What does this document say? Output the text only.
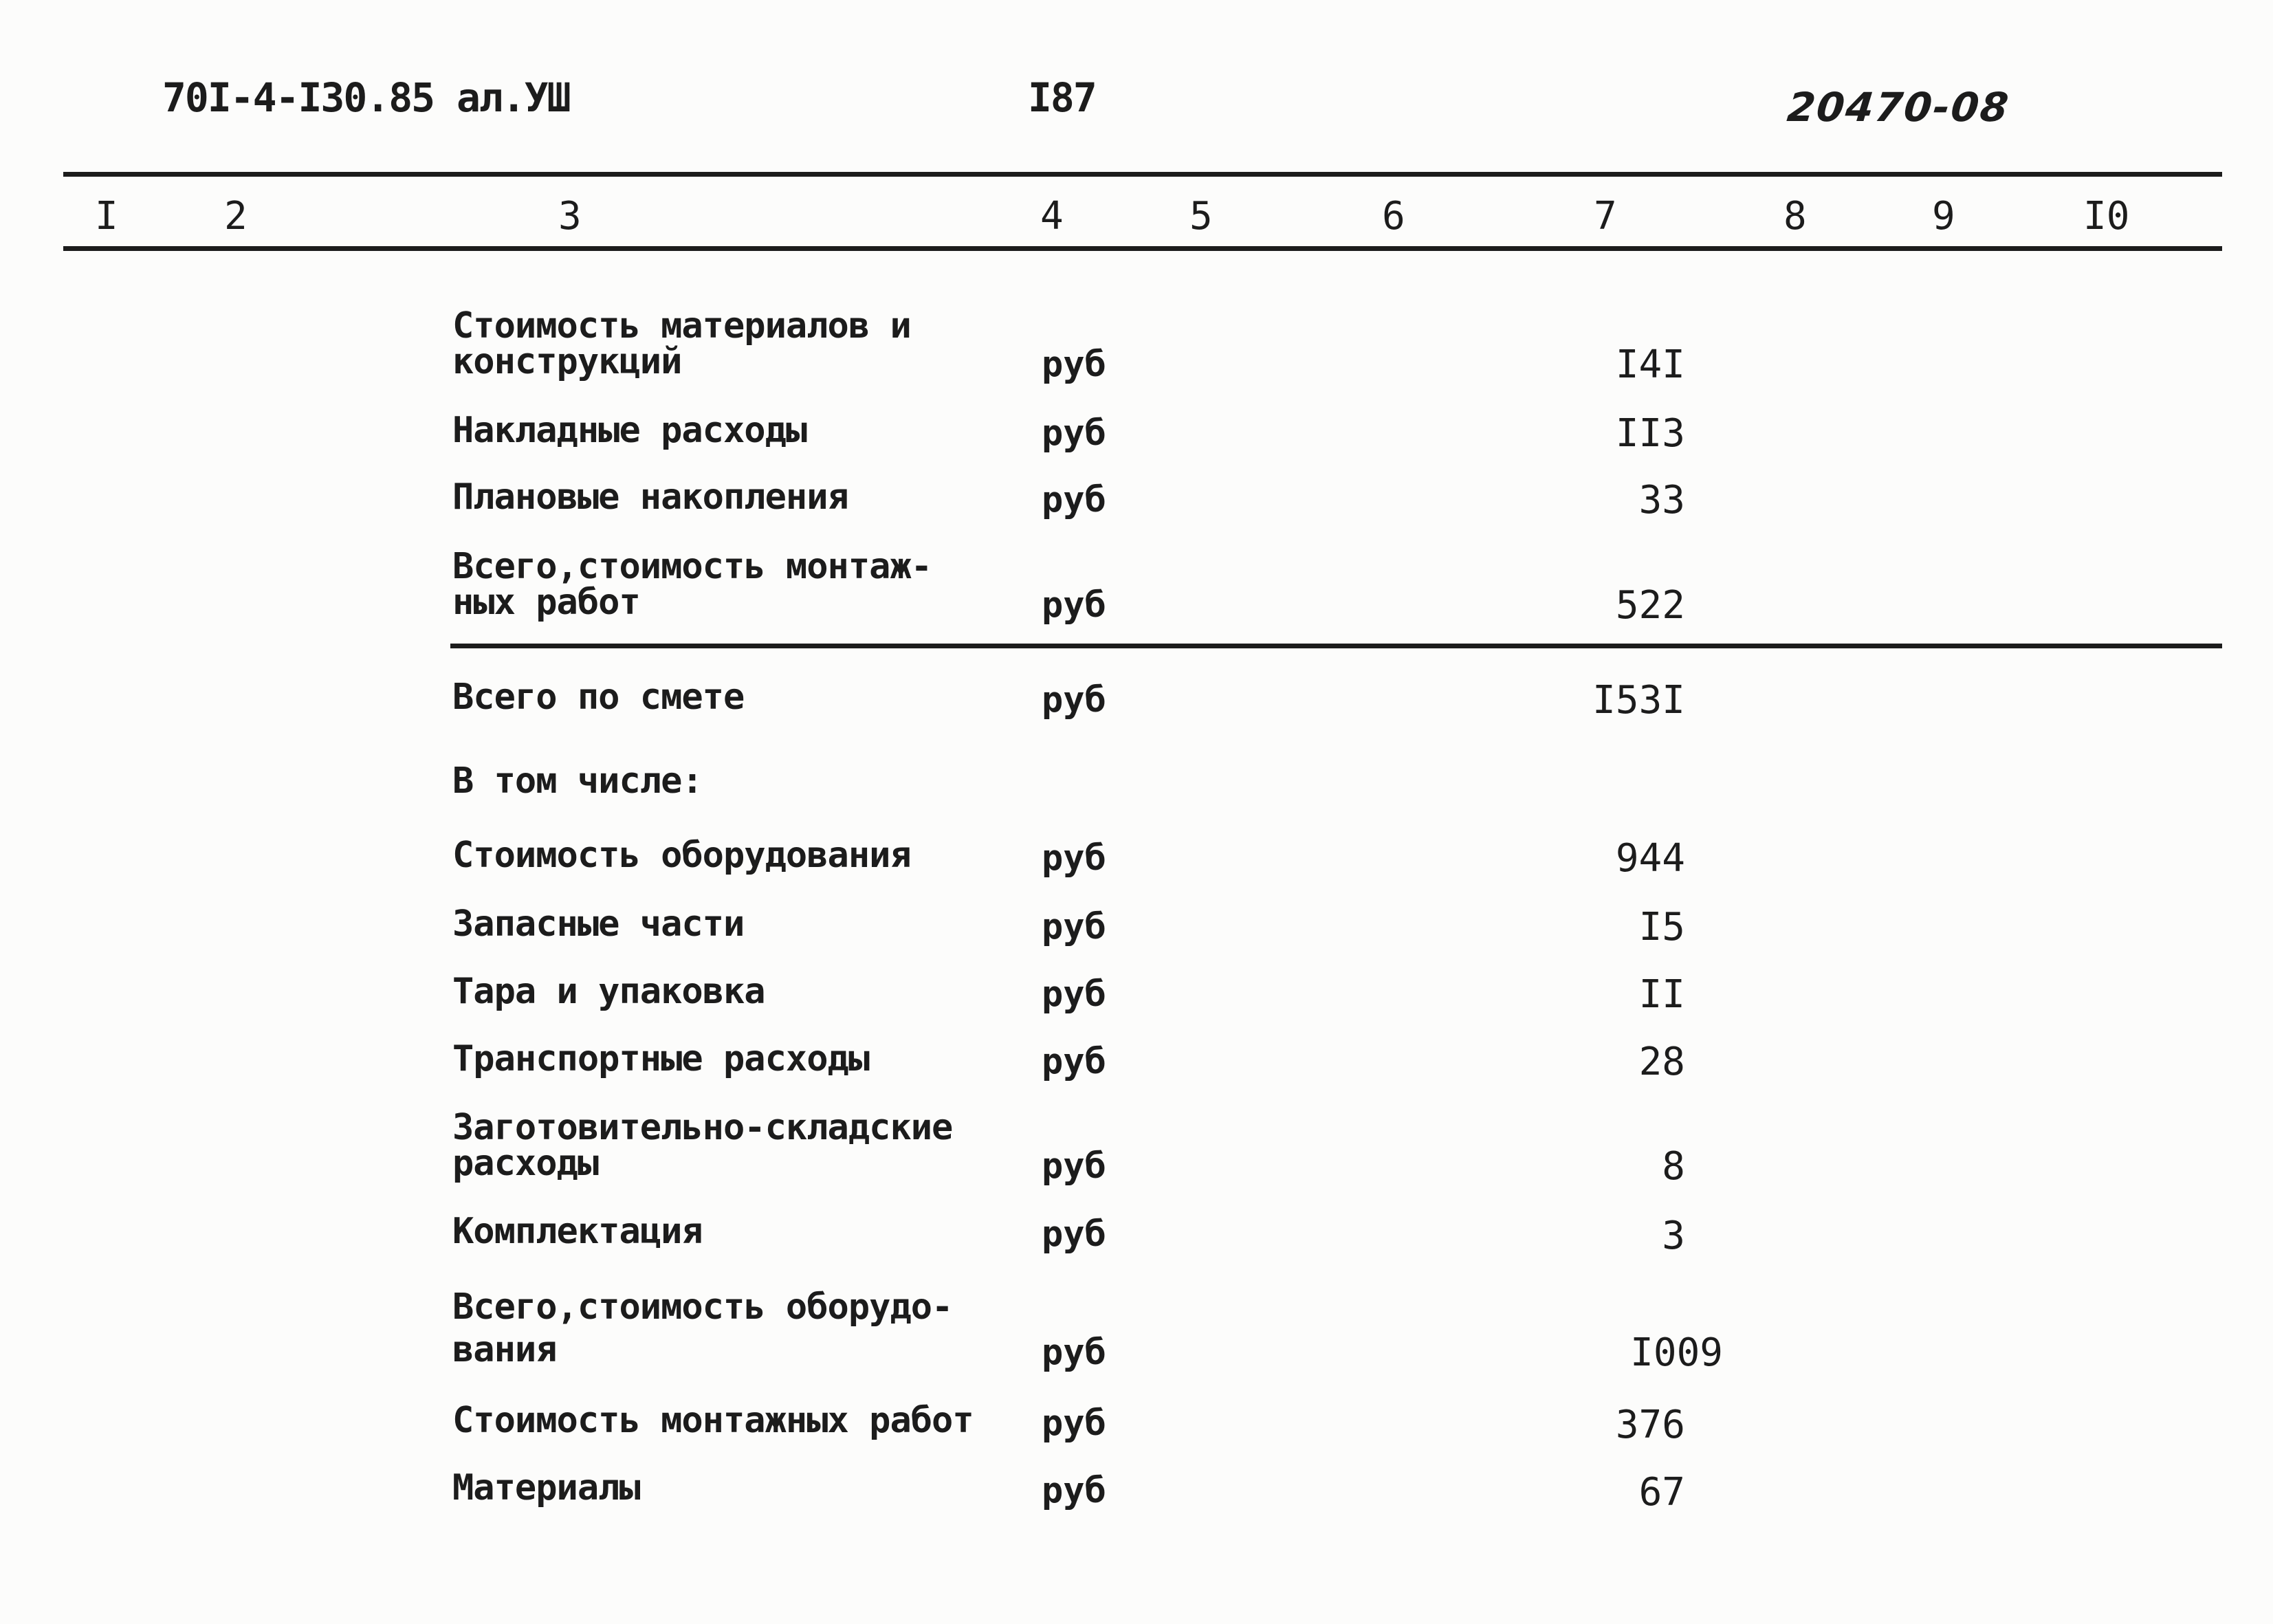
70I-4-I30.85 ал.УШ	I87	20470-08
I	2	3	4	5	6	7	8	9	I0
Стоимость материалов и
конструкций	руб	I4I
Накладные расходы	руб	II3
Плановые накопления	руб	33
Всего,стоимость монтаж-
ных работ	руб	522
Всего по смете	руб	I53I
В том числе:
Стоимость оборудования	руб	944
Запасные части	руб	I5
Тара и упаковка	руб	II
Транспортные расходы	руб	28
Заготовительно-складские
расходы	руб	8
Комплектация	руб	3
Всего,стоимость оборудо-
вания	руб	I009
Стоимость монтажных работ руб	376
Материалы	руб	67
